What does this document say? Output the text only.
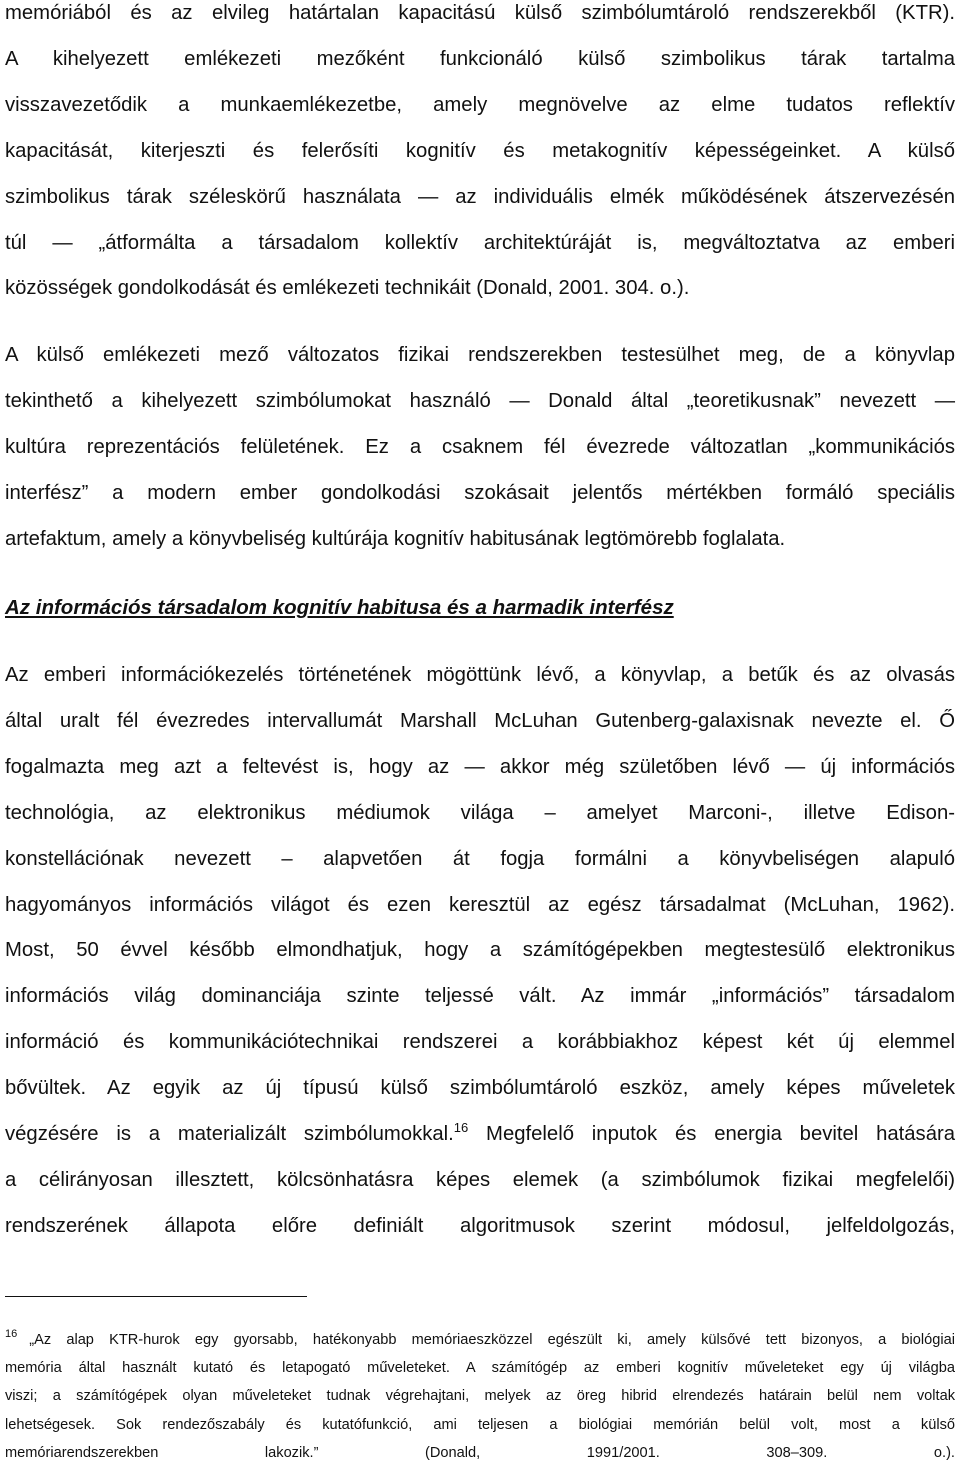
memóriából és az elvileg határtalan kapacitású külső szimbólumtároló rendszerekből (KTR).
A kihelyezett emlékezeti mezőként funkcionáló külső szimbolikus tárak tartalma
visszavezetődik a munkaemlékezetbe, amely megnövelve az elme tudatos reflektív
kapacitását, kiterjeszti és felerősíti kognitív és metakognitív képességeinket. A külső
szimbolikus tárak széleskörű használata — az individuális elmék működésének átszervezésén
túl — „átformálta a társadalom kollektív architektúráját is, megváltoztatva az emberi
közösségek gondolkodását és emlékezeti technikáit (Donald, 2001. 304. o.).

A külső emlékezeti mező változatos fizikai rendszerekben testesülhet meg, de a könyvlap
tekinthető a kihelyezett szimbólumokat használó — Donald által „teoretikusnak” nevezett —
kultúra reprezentációs felületének. Ez a csaknem fél évezrede változatlan „kommunikációs
interfész” a modern ember gondolkodási szokásait jelentős mértékben formáló speciális
artefaktum, amely a könyvbeliség kultúrája kognitív habitusának legtömörebb foglalata.

Az információs társadalom kognitív habitusa és a harmadik interfész

Az emberi információkezelés történetének mögöttünk lévő, a könyvlap, a betűk és az olvasás
által uralt fél évezredes intervallumát Marshall McLuhan Gutenberg-galaxisnak nevezte el. Ő
fogalmazta meg azt a feltevést is, hogy az — akkor még születőben lévő — új információs
technológia, az elektronikus médiumok világa – amelyet Marconi-, illetve Edison-
konstellációnak nevezett – alapvetően át fogja formálni a könyvbeliségen alapuló
hagyományos információs világot és ezen keresztül az egész társadalmat (McLuhan, 1962).
Most, 50 évvel később elmondhatjuk, hogy a számítógépekben megtestesülő elektronikus
információs világ dominanciája szinte teljessé vált. Az immár „információs” társadalom
információ és kommunikációtechnikai rendszerei a korábbiakhoz képest két új elemmel
bővültek. Az egyik az új típusú külső szimbólumtároló eszköz, amely képes műveletek
végzésére is a materializált szimbólumokkal.$^{16}$ Megfelelő inputok és energia bevitel hatására
a célirányosan illesztett, kölcsönhatásra képes elemek (a szimbólumok fizikai megfelelői)
rendszerének állapota előre definiált algoritmusok szerint módosul, jelfeldolgozás,

$^{16}$ „Az alap KTR-hurok egy gyorsabb, hatékonyabb memóriaeszközzel egészült ki, amely külsővé tett bizonyos, a biológiai
memória által használt kutató és letapogató műveleteket. A számítógép az emberi kognitív műveleteket egy új világba
viszi; a számítógépek olyan műveleteket tudnak végrehajtani, melyek az öreg hibrid elrendezés határain belül nem voltak
lehetségesek. Sok rendezőszabály és kutatófunkció, ami teljesen a biológiai memórián belül volt, most a külső
memóriarendszerekben lakozik.” (Donald, 1991/2001. 308–309. o.).
